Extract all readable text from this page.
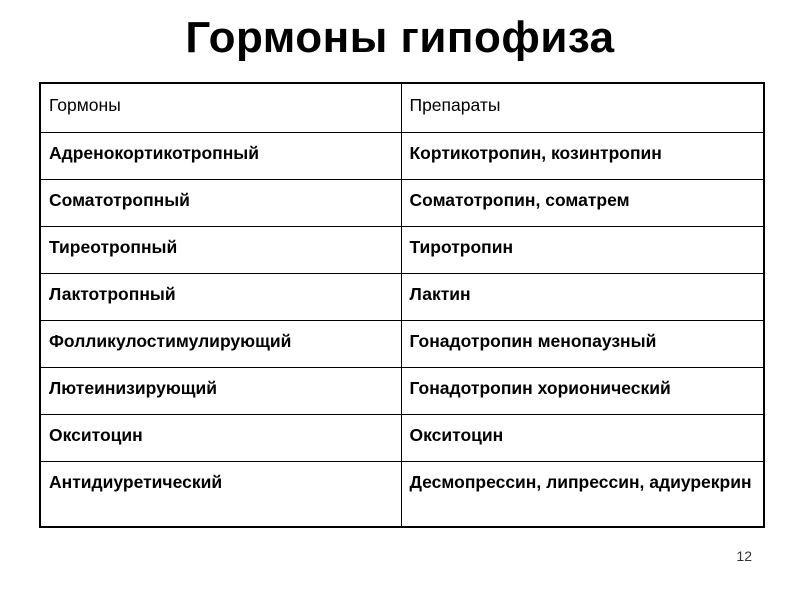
Гормоны гипофиза
Гормоны	Препараты
Адренокортикотропный	Кортикотропин, козинтропин
Соматотропный	Соматотропин, соматрем
Тиреотропный	Тиротропин
Лактотропный	Лактин
Фолликулостимулирующий	Гонадотропин менопаузный
Лютеинизирующий	Гонадотропин хорионический
Окситоцин	Окситоцин
Антидиуретический	Десмопрессин, липрессин, адиурекрин
12
